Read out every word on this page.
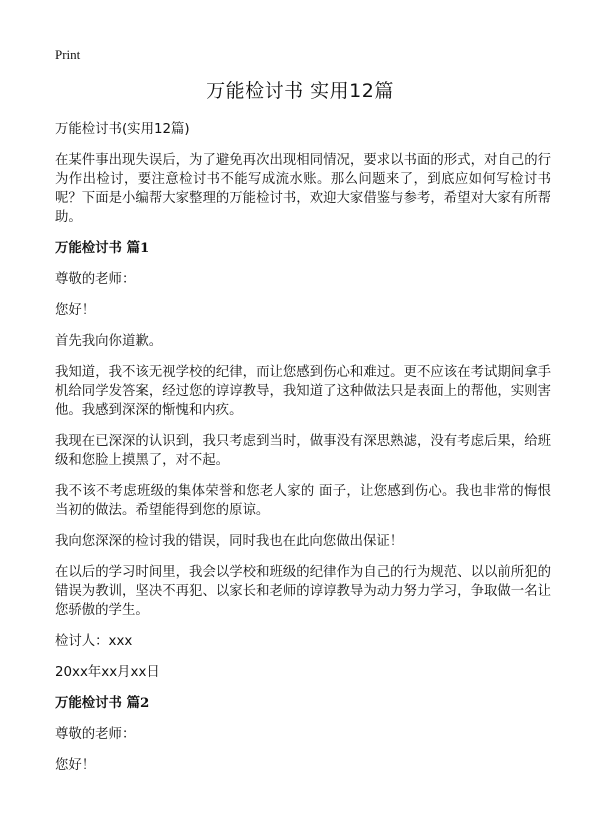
Print
万能检讨书 实用12篇

万能检讨书(实用12篇)

在某件事出现失误后，为了避免再次出现相同情况，要求以书面的形式，对自己的行为作出检讨，要注意检讨书不能写成流水账。那么问题来了，到底应如何写检讨书呢？下面是小编帮大家整理的万能检讨书，欢迎大家借鉴与参考，希望对大家有所帮助。

万能检讨书 篇1

尊敬的老师：

您好！

首先我向你道歉。

我知道，我不该无视学校的纪律，而让您感到伤心和难过。更不应该在考试期间拿手机给同学发答案，经过您的谆谆教导，我知道了这种做法只是表面上的帮他，实则害他。我感到深深的惭愧和内疚。

我现在已深深的认识到，我只考虑到当时，做事没有深思熟滤，没有考虑后果，给班级和您脸上摸黑了，对不起。

我不该不考虑班级的集体荣誉和您老人家的 面子，让您感到伤心。我也非常的悔恨当初的做法。希望能得到您的原谅。

我向您深深的检讨我的错误，同时我也在此向您做出保证！

在以后的学习时间里，我会以学校和班级的纪律作为自己的行为规范、以以前所犯的错误为教训，坚决不再犯、以家长和老师的谆谆教导为动力努力学习，争取做一名让您骄傲的学生。

检讨人：xxx

20xx年xx月xx日

万能检讨书 篇2

尊敬的老师：

您好！
